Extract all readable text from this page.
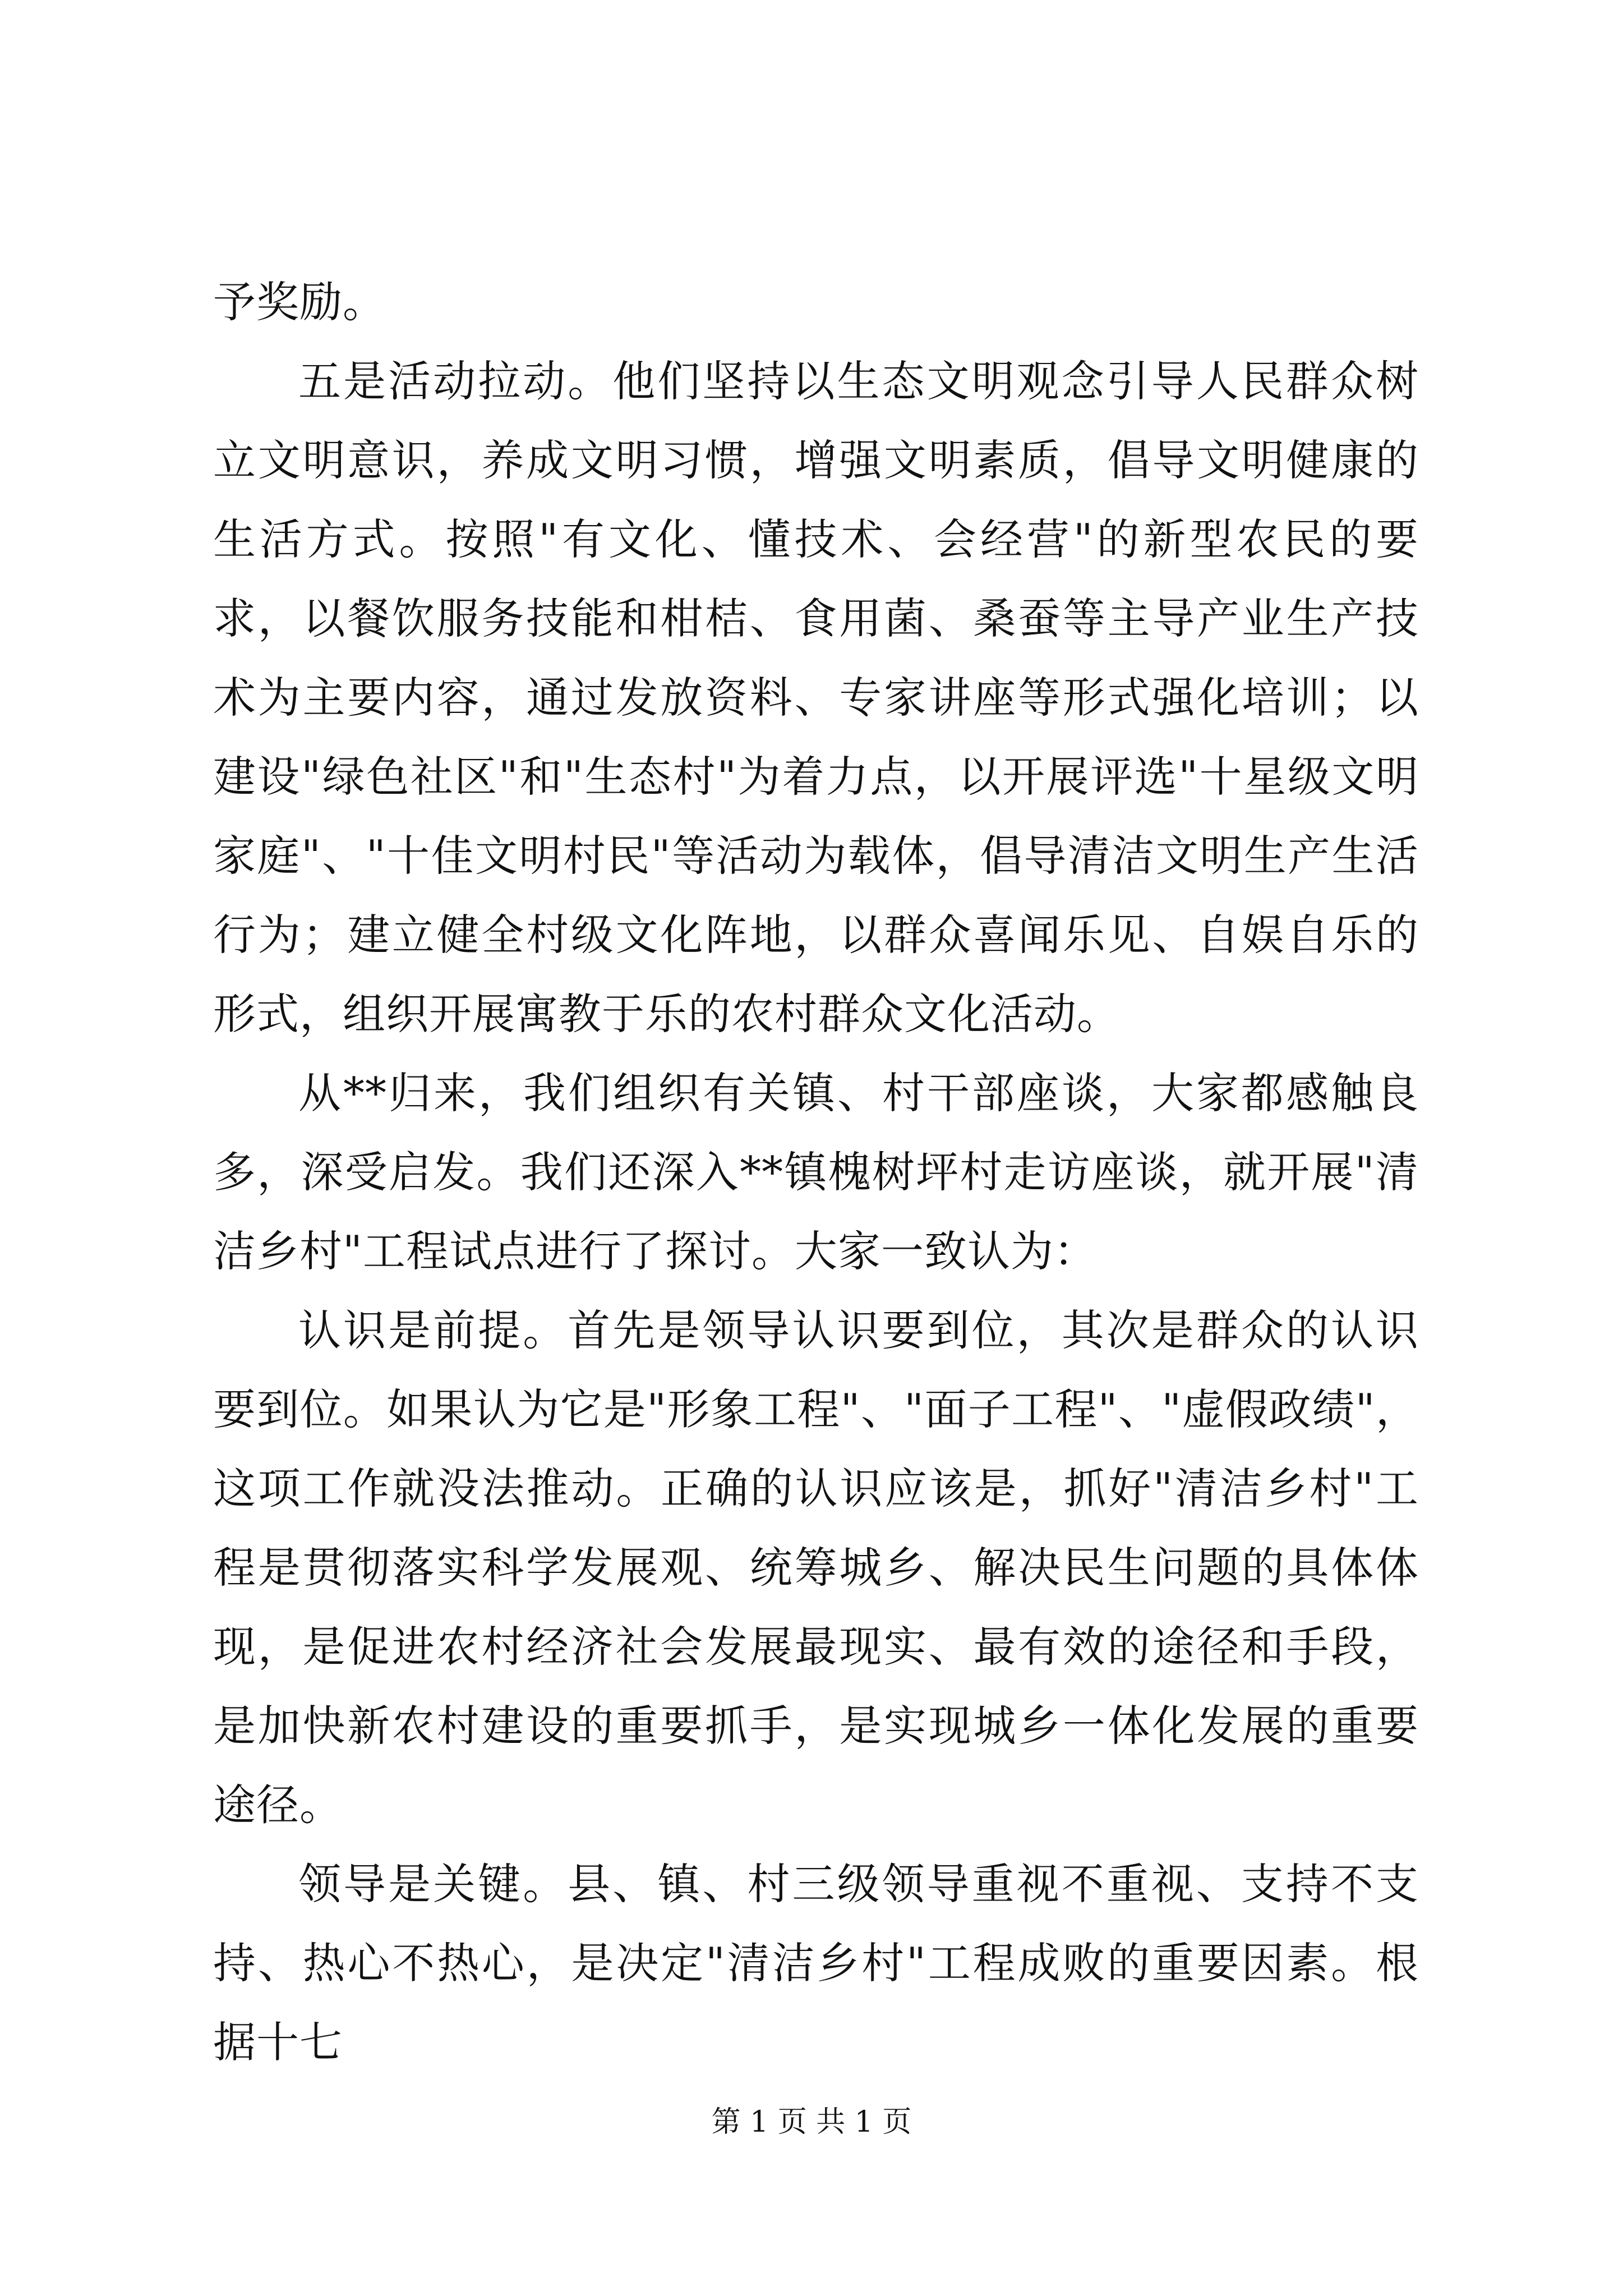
予奖励。

五是活动拉动。他们坚持以生态文明观念引导人民群众树立文明意识，养成文明习惯，增强文明素质，倡导文明健康的生活方式。按照"有文化、懂技术、会经营"的新型农民的要求，以餐饮服务技能和柑桔、食用菌、桑蚕等主导产业生产技术为主要内容，通过发放资料、专家讲座等形式强化培训；以建设"绿色社区"和"生态村"为着力点，以开展评选"十星级文明家庭"、"十佳文明村民"等活动为载体，倡导清洁文明生产生活行为；建立健全村级文化阵地，以群众喜闻乐见、自娱自乐的形式，组织开展寓教于乐的农村群众文化活动。

从**归来，我们组织有关镇、村干部座谈，大家都感触良多，深受启发。我们还深入**镇槐树坪村走访座谈，就开展"清洁乡村"工程试点进行了探讨。大家一致认为：

认识是前提。首先是领导认识要到位，其次是群众的认识要到位。如果认为它是"形象工程"、"面子工程"、"虚假政绩"，这项工作就没法推动。正确的认识应该是，抓好"清洁乡村"工程是贯彻落实科学发展观、统筹城乡、解决民生问题的具体体现，是促进农村经济社会发展最现实、最有效的途径和手段，是加快新农村建设的重要抓手，是实现城乡一体化发展的重要途径。

领导是关键。县、镇、村三级领导重视不重视、支持不支持、热心不热心，是决定"清洁乡村"工程成败的重要因素。根据十七

第 1 页 共 1 页
